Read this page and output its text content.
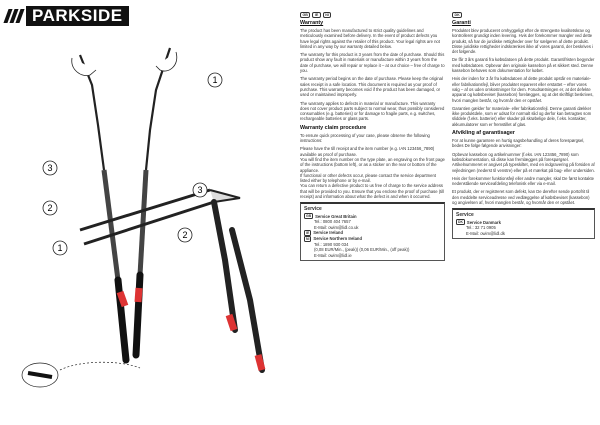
PARKSIDE
3
2
1
1
3
2
GB	IE	NI
Warranty
The product has been manufactured to strict quality guidelines and meticulously examined before delivery. In the event of product defects you have legal rights against the retailer of this product. Your legal rights are not limited in any way by our warranty detailed below.
The warranty for this product is 3 years from the date of purchase. Should this product show any fault in materials or manufacture within 3 years from the date of purchase, we will repair or replace it – at our choice – free of charge to you.
The warranty period begins on the date of purchase. Please keep the original sales receipt in a safe location. This document is required as your proof of purchase. This warranty becomes void if the product has been damaged, or used or maintained improperly.
The warranty applies to defects in material or manufacture. This warranty does not cover product parts subject to normal wear, thus possibly considered consumables (e.g. batteries) or for damage to fragile parts, e.g. switches, rechargeable batteries or glass parts.
Warranty claim procedure
To ensure quick processing of your case, please observe the following instructions:
Please have the till receipt and the item number (e.g. IAN 123456_7890) available as proof of purchase.
You will find the item number on the type plate, an engraving on the front page of the instructions (bottom left), or as a sticker on the rear or bottom of the appliance.
If functional or other defects occur, please contact the service department listed either by telephone or by e-mail.
You can return a defective product to us free of charge to the service address that will be provided to you. Ensure that you enclose the proof of purchase (till receipt) and information about what the defect is and when it occurred.
Service
GB Service Great Britain
Tel.: 0800 404 7657
E-Mail: owim@lidl.co.uk
IE Service Ireland
NI Service Northern Ireland
Tel.: 1890 930 034
(0,08 EUR/Min., (peak)) (0,06 EUR/Min., (off peak))
E-Mail: owim@lidl.ie
DK
Garanti
Produktet blev produceret omhyggeligt efter de strengeste kvalitetskrav og kontrolleret grundigt inden levering. Hvis der forekommer mangler ved dette produkt, så har de juridiske rettigheder over for sælgeren af dette produkt. Disse juridiske rettigheder indskrænkes ikke af vores garanti, der beskrives i det følgende.
De får 3 års garanti fra købsdatoen på dette produkt. Garantifristen begynder med købsdatoen. Opbevar den originale kassebon på et sikkert sted. Denne kassebon behøves som dokumentation for købet.
Hvis der inden for 3 år fra købsdatoen af dette produkt opstår en materiale- eller fabrikationsfejl, bliver produktet repareret eller erstattet – efter vores valg – af os uden omkostninger for dem. Forudsætningen er, at det defekte apparat og købsbeviset (kassebon) forelægges, og at det skriftligt beskrives, hvori manglen består, og hvornår den er opstået.
Garantien gælder for materiale- eller fabrikationsfejl. Denne garanti dækker ikke produktdele, som er udsat for normalt slid og derfor kan betragtes som sliddele (f.eks. batterier) eller skader på skrøbelige dele, f.eks. kontakter, akkumulatorer som er fremstillet af glas.
Afvikling af garantisager
For at kunne garantere en hurtig sagsbehandling af deres forespørgsel, bedes De følge følgende anvisninger:
Opbevar kassebon og artikelnummer (f.eks. IAN 123456_7890) som købsdokumentation, så disse kan fremlægges på forespørgsel. Artikelnummeret er angivet på typeskiltet, med en indgravering på forsiden af vejledningen (nederst til venstre) eller på et mærkat på bag- eller undersiden.
Hvis der forekommer funktionsfejl eller andre mangler, skal De først kontakte nedenstående serviceafdeling telefonisk eller via e-mail.
Et produkt, der er registreret som defekt, kan De derefter sende portofrit til den meddelte serviceadresse ved vedlæggelse af købsbeviset (kassebon) og angivelsen af, hvori manglen består, og hvornår den er opstået.
Service
DK Service Danmark
Tel.: 32 71 0905
E-Mail: owim@lidl.dk
